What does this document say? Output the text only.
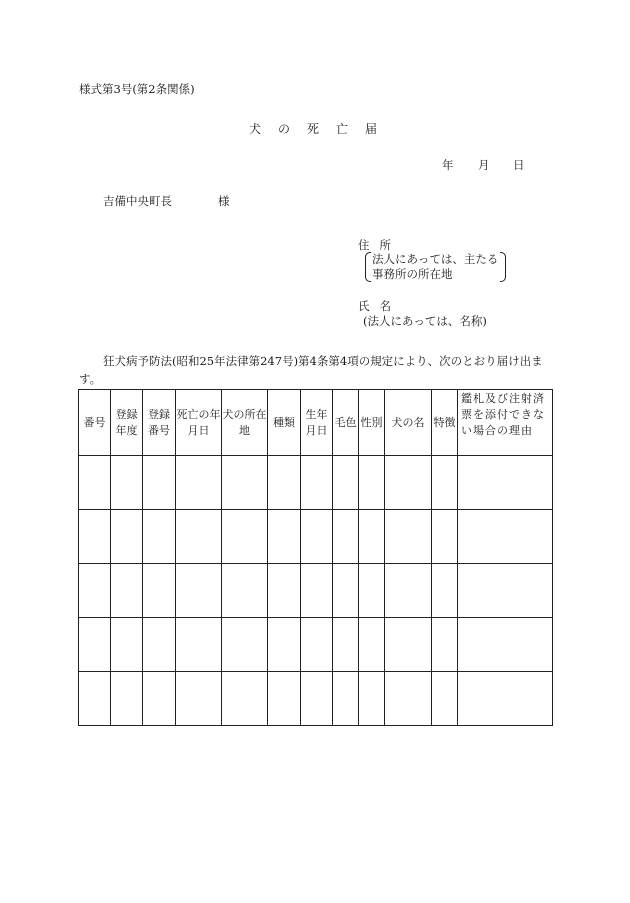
様式第3号(第2条関係)
犬 の 死 亡 届
年 月 日
吉備中央町長	様
住所
法人にあっては、主たる
事務所の所在地
氏名
(法人にあっては、名称)
狂犬病予防法(昭和25年法律第247号)第4条第4項の規定により、次のとおり届け出ます。
番号	登録年度	登録番号	死亡の年月日	犬の所在地	種類	生年月日	毛色	性別	犬の名	特徴	鑑札及び注射済票を添付できない場合の理由
